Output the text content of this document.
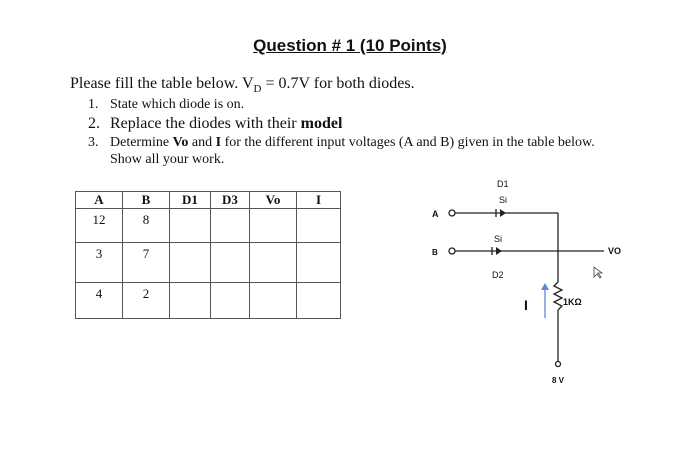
Question # 1 (10 Points)
Please fill the table below. $V_D = 0.7V$ for both diodes.
1. State which diode is on.
2. Replace the diodes with their model
3. Determine Vo and I for the different input voltages (A and B) given in the table below. Show all your work.
A	B	D1	D3	Vo	I
12	8				
3	7				
4	2				
D1
Si
A
Si
B	VO
D2
I	1KΩ
8 V
